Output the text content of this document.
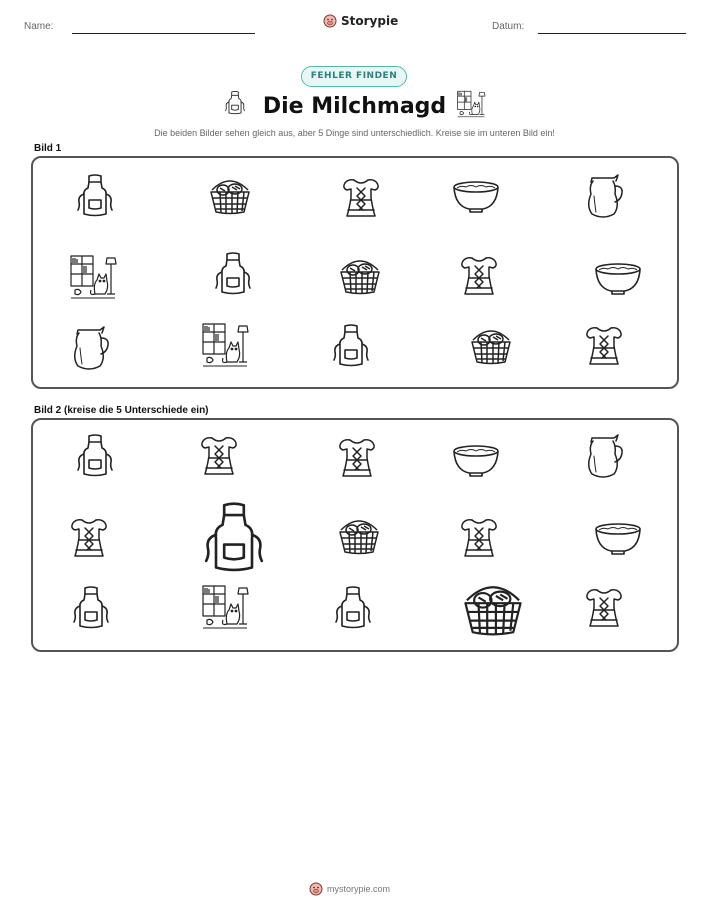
Name:	Storypie	Datum:
FEHLER FINDEN
Die Milchmagd
Die beiden Bilder sehen gleich aus, aber 5 Dinge sind unterschiedlich. Kreise sie im unteren Bild ein!
Bild 1
Bild 2 (kreise die 5 Unterschiede ein)
mystorypie.com
